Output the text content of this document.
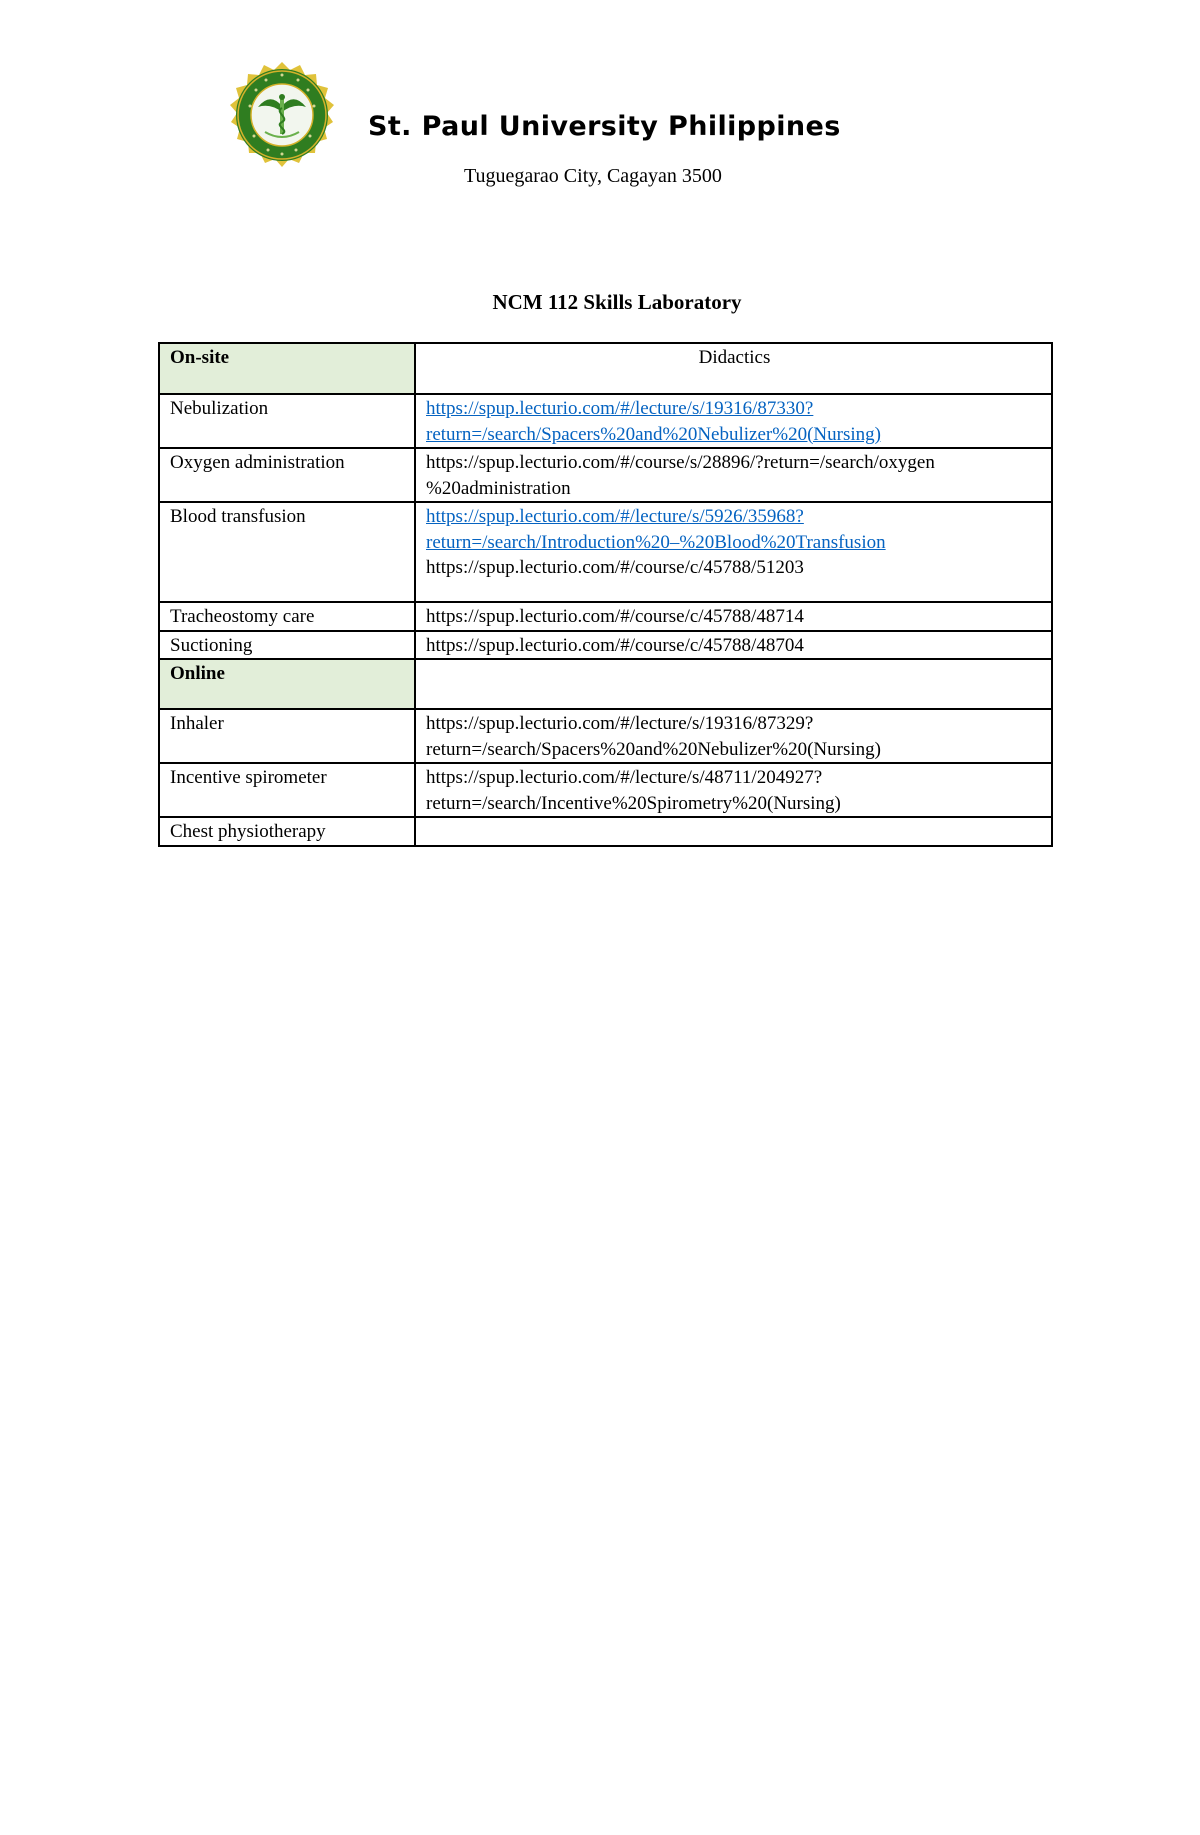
St. Paul University Philippines
Tuguegarao City, Cagayan 3500
NCM 112 Skills Laboratory
On-site	Didactics
Nebulization	https://spup.lecturio.com/#/lecture/s/19316/87330?
return=/search/Spacers%20and%20Nebulizer%20(Nursing)

Oxygen administration	https://spup.lecturio.com/#/course/s/28896/?return=/search/oxygen
%20administration

Blood transfusion	https://spup.lecturio.com/#/lecture/s/5926/35968?
return=/search/Introduction%20–%20Blood%20Transfusion
https://spup.lecturio.com/#/course/c/45788/51203

Tracheostomy care	https://spup.lecturio.com/#/course/c/45788/48714

Suctioning	https://spup.lecturio.com/#/course/c/45788/48704

Online	
Inhaler	https://spup.lecturio.com/#/lecture/s/19316/87329?
return=/search/Spacers%20and%20Nebulizer%20(Nursing)

Incentive spirometer	https://spup.lecturio.com/#/lecture/s/48711/204927?
return=/search/Incentive%20Spirometry%20(Nursing)

Chest physiotherapy	
